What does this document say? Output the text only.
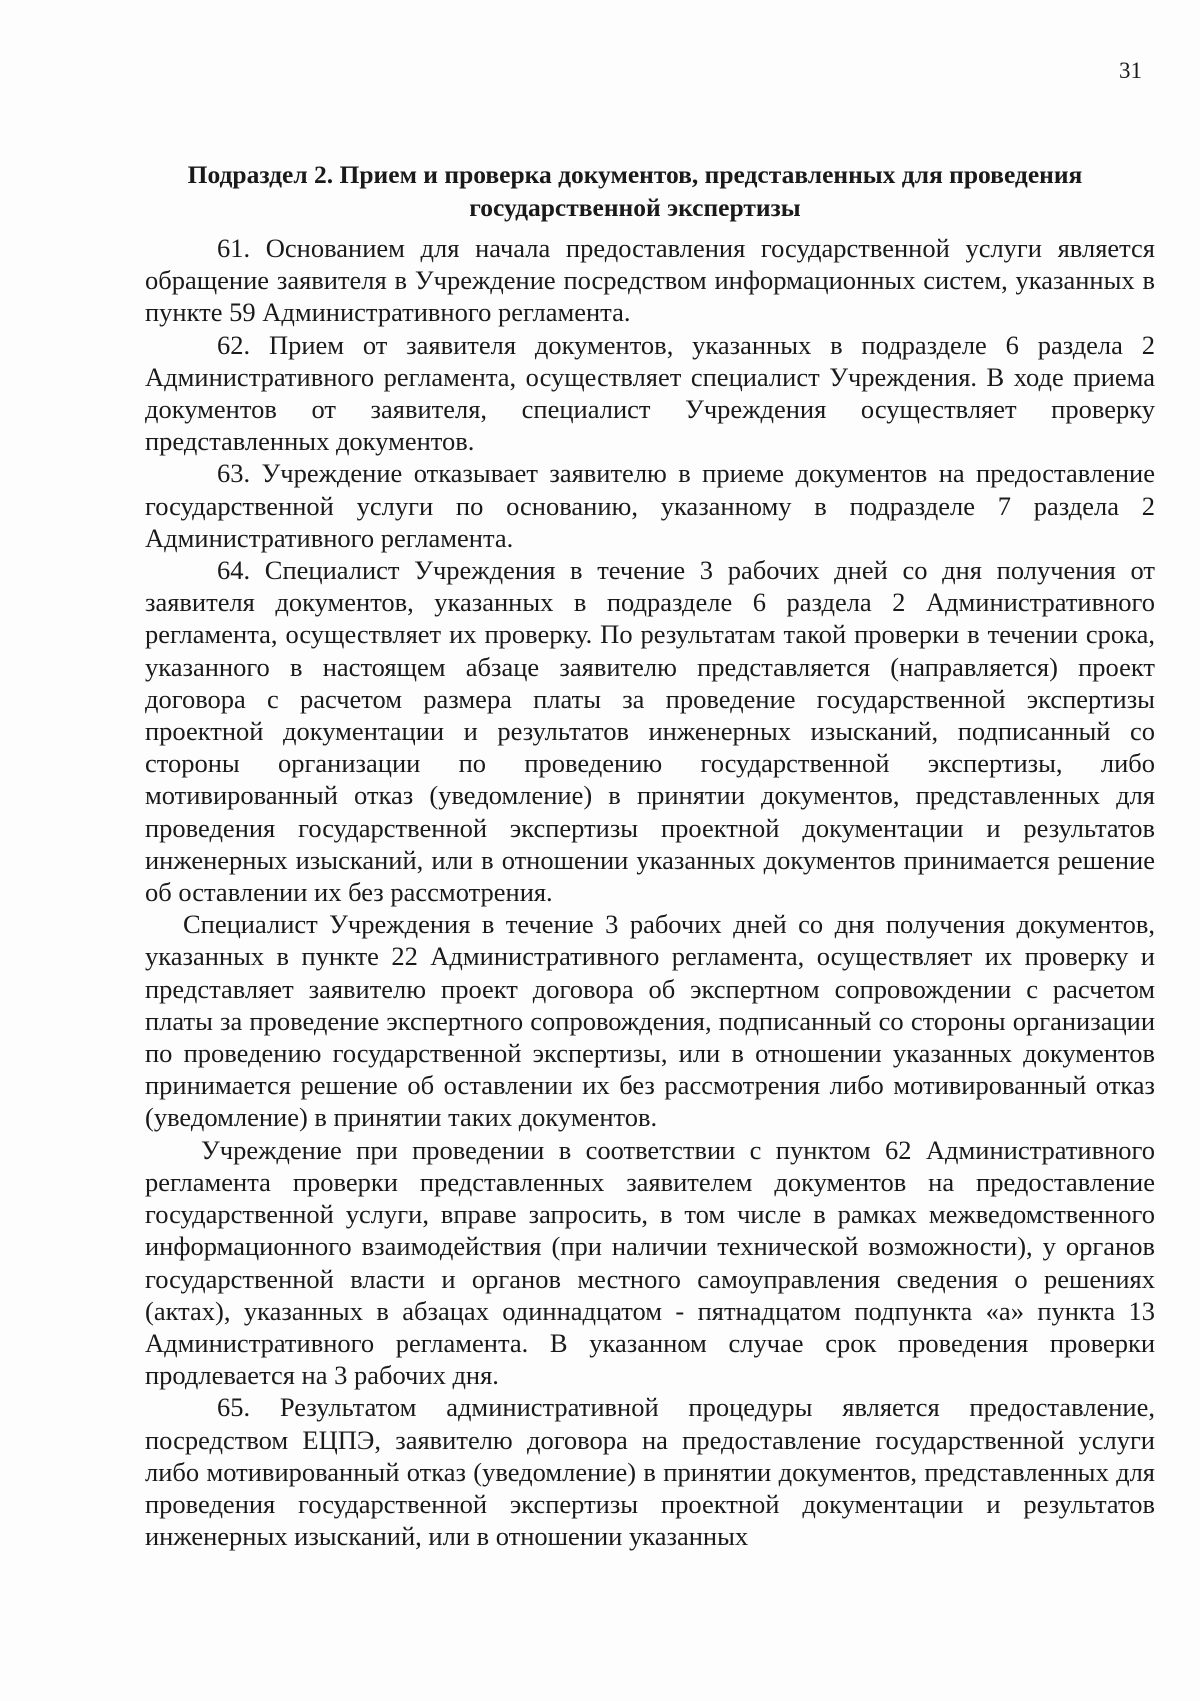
31
Подраздел 2. Прием и проверка документов, представленных для проведения государственной экспертизы

61. Основанием для начала предоставления государственной услуги является обращение заявителя в Учреждение посредством информационных систем, указанных в пункте 59 Административного регламента.

62. Прием от заявителя документов, указанных в подразделе 6 раздела 2 Административного регламента, осуществляет специалист Учреждения. В ходе приема документов от заявителя, специалист Учреждения осуществляет проверку представленных документов.

63. Учреждение отказывает заявителю в приеме документов на предоставление государственной услуги по основанию, указанному в подразделе 7 раздела 2 Административного регламента.

64. Специалист Учреждения в течение 3 рабочих дней со дня получения от заявителя документов, указанных в подразделе 6 раздела 2 Административного регламента, осуществляет их проверку. По результатам такой проверки в течении срока, указанного в настоящем абзаце заявителю представляется (направляется) проект договора с расчетом размера платы за проведение государственной экспертизы проектной документации и результатов инженерных изысканий, подписанный со стороны организации по проведению государственной экспертизы, либо мотивированный отказ (уведомление) в принятии документов, представленных для проведения государственной экспертизы проектной документации и результатов инженерных изысканий, или в отношении указанных документов принимается решение об оставлении их без рассмотрения.

Специалист Учреждения в течение 3 рабочих дней со дня получения документов, указанных в пункте 22 Административного регламента, осуществляет их проверку и представляет заявителю проект договора об экспертном сопровождении с расчетом платы за проведение экспертного сопровождения, подписанный со стороны организации по проведению государственной экспертизы, или в отношении указанных документов принимается решение об оставлении их без рассмотрения либо мотивированный отказ (уведомление) в принятии таких документов.

Учреждение при проведении в соответствии с пунктом 62 Административного регламента проверки представленных заявителем документов на предоставление государственной услуги, вправе запросить, в том числе в рамках межведомственного информационного взаимодействия (при наличии технической возможности), у органов государственной власти и органов местного самоуправления сведения о решениях (актах), указанных в абзацах одиннадцатом - пятнадцатом подпункта «а» пункта 13 Административного регламента. В указанном случае срок проведения проверки продлевается на 3 рабочих дня.

65. Результатом административной процедуры является предоставление, посредством ЕЦПЭ, заявителю договора на предоставление государственной услуги либо мотивированный отказ (уведомление) в принятии документов, представленных для проведения государственной экспертизы проектной документации и результатов инженерных изысканий, или в отношении указанных
